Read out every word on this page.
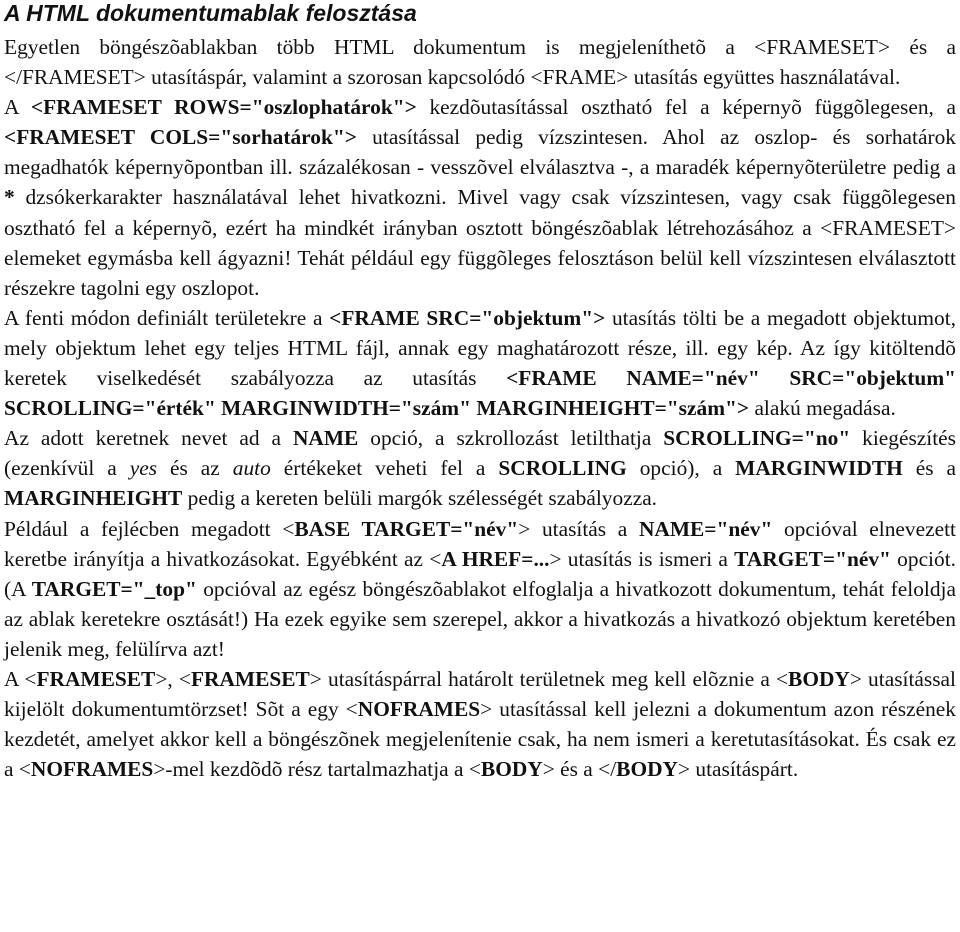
A HTML dokumentumablak felosztása

Egyetlen böngészõablakban több HTML dokumentum is megjeleníthetõ a <FRAMESET> és a </FRAMESET> utasításpár, valamint a szorosan kapcsolódó <FRAME> utasítás együttes használatával.

A <FRAMESET ROWS="oszlophatárok"> kezdõutasítással osztható fel a képernyõ függõlegesen, a <FRAMESET COLS="sorhatárok"> utasítással pedig vízszintesen. Ahol az oszlop- és sorhatárok megadhatók képernyõpontban ill. százalékosan - vesszõvel elválasztva -, a maradék képernyõterületre pedig a * dzsókerkarakter használatával lehet hivatkozni. Mivel vagy csak vízszintesen, vagy csak függõlegesen osztható fel a képernyõ, ezért ha mindkét irányban osztott böngészõablak létrehozásához a <FRAMESET> elemeket egymásba kell ágyazni! Tehát például egy függõleges felosztáson belül kell vízszintesen elválasztott részekre tagolni egy oszlopot.

A fenti módon definiált területekre a <FRAME SRC="objektum"> utasítás tölti be a megadott objektumot, mely objektum lehet egy teljes HTML fájl, annak egy maghatározott része, ill. egy kép. Az így kitöltendõ keretek viselkedését szabályozza az utasítás <FRAME NAME="név" SRC="objektum" SCROLLING="érték" MARGINWIDTH="szám" MARGINHEIGHT="szám"> alakú megadása.

Az adott keretnek nevet ad a NAME opció, a szkrollozást letilthatja SCROLLING="no" kiegészítés (ezenkívül a yes és az auto értékeket veheti fel a SCROLLING opció), a MARGINWIDTH és a MARGINHEIGHT pedig a kereten belüli margók szélességét szabályozza.

Például a fejlécben megadott <BASE TARGET="név"> utasítás a NAME="név" opcióval elnevezett keretbe irányítja a hivatkozásokat. Egyébként az <A HREF=...> utasítás is ismeri a TARGET="név" opciót. (A TARGET="_top" opcióval az egész böngészõablakot elfoglalja a hivatkozott dokumentum, tehát feloldja az ablak keretekre osztását!) Ha ezek egyike sem szerepel, akkor a hivatkozás a hivatkozó objektum keretében jelenik meg, felülírva azt!

A <FRAMESET>, <FRAMESET> utasításpárral határolt területnek meg kell elõznie a <BODY> utasítással kijelölt dokumentumtörzset! Sõt a egy <NOFRAMES> utasítással kell jelezni a dokumentum azon részének kezdetét, amelyet akkor kell a böngészõnek megjelenítenie csak, ha nem ismeri a keretutasításokat. És csak ez a <NOFRAMES>-mel kezdõdõ rész tartalmazhatja a <BODY> és a </BODY> utasításpárt.
